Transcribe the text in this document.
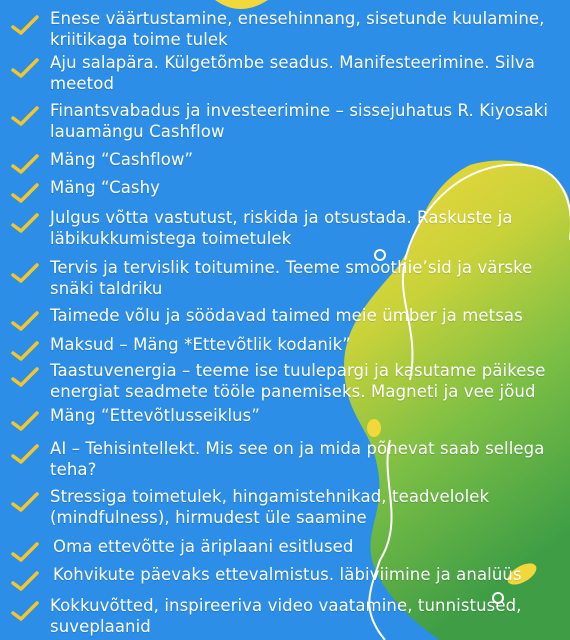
Enese väärtustamine, enesehinnang, sisetunde kuulamine, kriitikaga toime tulek
Aju salapära. Külgetõmbe seadus. Manifesteerimine. Silva meetod
Finantsvabadus ja investeerimine – sissejuhatus R. Kiyosaki lauamängu Cashflow
Mäng “Cashflow”
Mäng “Cashy
Julgus võtta vastutust, riskida ja otsustada. Raskuste ja läbikukkumistega toimetulek
Tervis ja tervislik toitumine. Teeme smoothie’sid ja värske snäki taldriku
Taimede võlu ja söödavad taimed meie ümber ja metsas
Maksud – Mäng *Ettevõtlik kodanik”
Taastuvenergia – teeme ise tuulepargi ja kasutame päikese energiat seadmete tööle panemiseks. Magneti ja vee jõud
Mäng “Ettevõtlusseiklus”
AI – Tehisintellekt. Mis see on ja mida põnevat saab sellega teha?
Stressiga toimetulek, hingamistehnikad, teadvelolek (mindfulness), hirmudest üle saamine
Oma ettevõtte ja äriplaani esitlused
Kohvikute päevaks ettevalmistus. läbiviimine ja analüüs
Kokkuvõtted, inspireeriva video vaatamine, tunnistused, suveplaanid
